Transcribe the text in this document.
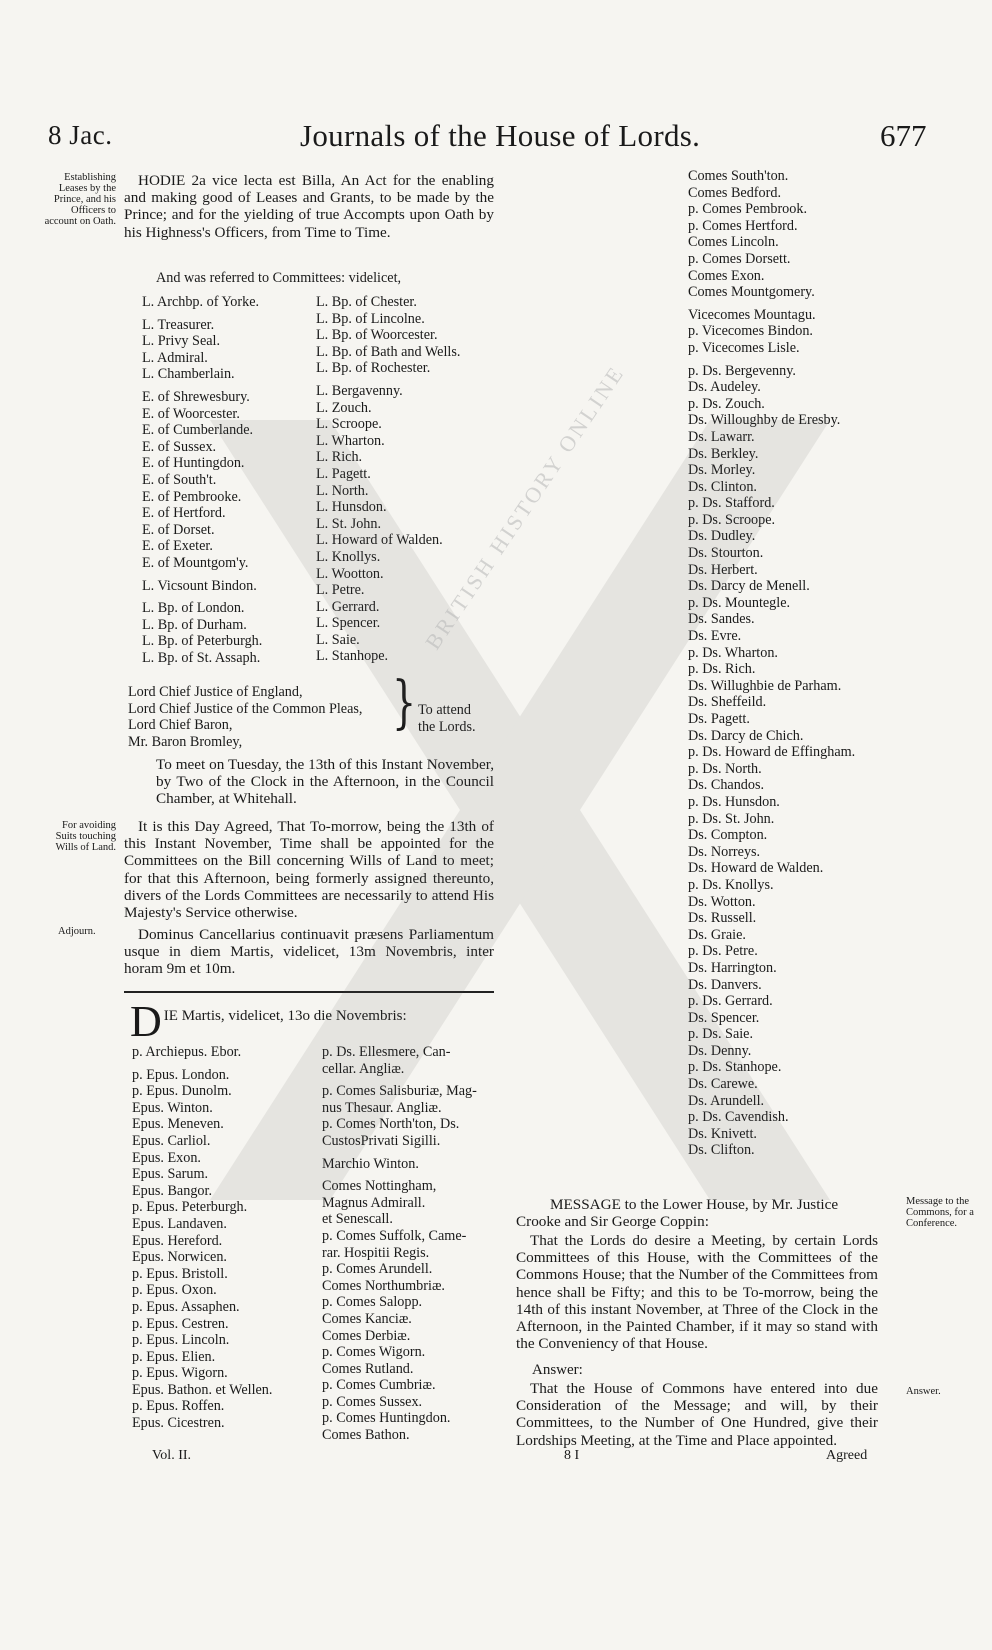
8 Jac.	Journals of the House of Lords.	677
Establishing Leases by the Prince, and his Officers to account on Oath.
For avoiding Suits touching Wills of Land.
Adjourn.
Message to the Commons, for a Conference.
Answer.
HODIE 2a vice lecta est Billa, An Act for the enabling and making good of Leases and Grants, to be made by the Prince; and for the yielding of true Accompts upon Oath by his Highness's Officers, from Time to Time.
And was referred to Committees: videlicet,
L. Archbp. of Yorke.
L. Treasurer.
L. Privy Seal.
L. Admiral.
L. Chamberlain.
E. of Shrewesbury.
E. of Woorcester.
E. of Cumberlande.
E. of Sussex.
E. of Huntingdon.
E. of South't.
E. of Pembrooke.
E. of Hertford.
E. of Dorset.
E. of Exeter.
E. of Mountgom'y.
L. Vicsount Bindon.
L. Bp. of London.
L. Bp. of Durham.
L. Bp. of Peterburgh.
L. Bp. of St. Assaph.
L. Bp. of Chester.
L. Bp. of Lincolne.
L. Bp. of Woorcester.
L. Bp. of Bath and Wells.
L. Bp. of Rochester.
L. Bergavenny.
L. Zouch.
L. Scroope.
L. Wharton.
L. Rich.
L. Pagett.
L. North.
L. Hunsdon.
L. St. John.
L. Howard of Walden.
L. Knollys.
L. Wootton.
L. Petre.
L. Gerrard.
L. Spencer.
L. Saie.
L. Stanhope.
Lord Chief Justice of England,
Lord Chief Justice of the Common Pleas,
Lord Chief Baron,
Mr. Baron Bromley,
} To attend
the Lords.
To meet on Tuesday, the 13th of this Instant November, by Two of the Clock in the Afternoon, in the Council Chamber, at Whitehall.
It is this Day Agreed, That To-morrow, being the 13th of this Instant November, Time shall be appointed for the Committees on the Bill concerning Wills of Land to meet; for that this Afternoon, being formerly assigned thereunto, divers of the Lords Committees are necessarily to attend His Majesty's Service otherwise.
Dominus Cancellarius continuavit præsens Parliamentum usque in diem Martis, videlicet, 13m Novembris, inter horam 9m et 10m.
D IE Martis, videlicet, 13o die Novembris:
p. Archiepus. Ebor.
p. Epus. London.
p. Epus. Dunolm.
Epus. Winton.
Epus. Meneven.
Epus. Carliol.
Epus. Exon.
Epus. Sarum.
Epus. Bangor.
p. Epus. Peterburgh.
Epus. Landaven.
Epus. Hereford.
Epus. Norwicen.
p. Epus. Bristoll.
p. Epus. Oxon.
p. Epus. Assaphen.
p. Epus. Cestren.
p. Epus. Lincoln.
p. Epus. Elien.
p. Epus. Wigorn.
Epus. Bathon. et Wellen.
p. Epus. Roffen.
Epus. Cicestren.
p. Ds. Ellesmere, Can-
cellar. Angliæ.
p. Comes Salisburiæ, Mag-
nus Thesaur. Angliæ.
p. Comes North'ton, Ds.
CustosPrivati Sigilli.
Marchio Winton.
Comes Nottingham,
Magnus Admirall.
et Senescall.
p. Comes Suffolk, Came-
rar. Hospitii Regis.
p. Comes Arundell.
Comes Northumbriæ.
p. Comes Salopp.
Comes Kanciæ.
Comes Derbiæ.
p. Comes Wigorn.
Comes Rutland.
p. Comes Cumbriæ.
p. Comes Sussex.
p. Comes Huntingdon.
Comes Bathon.
Comes South'ton.
Comes Bedford.
p. Comes Pembrook.
p. Comes Hertford.
Comes Lincoln.
p. Comes Dorsett.
Comes Exon.
Comes Mountgomery.
Vicecomes Mountagu.
p. Vicecomes Bindon.
p. Vicecomes Lisle.
p. Ds. Bergevenny.
Ds. Audeley.
p. Ds. Zouch.
Ds. Willoughby de Eresby.
Ds. Lawarr.
Ds. Berkley.
Ds. Morley.
Ds. Clinton.
p. Ds. Stafford.
p. Ds. Scroope.
Ds. Dudley.
Ds. Stourton.
Ds. Herbert.
Ds. Darcy de Menell.
p. Ds. Mountegle.
Ds. Sandes.
Ds. Evre.
p. Ds. Wharton.
p. Ds. Rich.
Ds. Willughbie de Parham.
Ds. Sheffeild.
Ds. Pagett.
Ds. Darcy de Chich.
p. Ds. Howard de Effingham.
p. Ds. North.
Ds. Chandos.
p. Ds. Hunsdon.
p. Ds. St. John.
Ds. Compton.
Ds. Norreys.
Ds. Howard de Walden.
p. Ds. Knollys.
Ds. Wotton.
Ds. Russell.
Ds. Graie.
p. Ds. Petre.
Ds. Harrington.
Ds. Danvers.
p. Ds. Gerrard.
Ds. Spencer.
p. Ds. Saie.
Ds. Denny.
p. Ds. Stanhope.
Ds. Carewe.
Ds. Arundell.
p. Ds. Cavendish.
Ds. Knivett.
Ds. Clifton.
MESSAGE to the Lower House, by Mr. Justice Crooke and Sir George Coppin:
That the Lords do desire a Meeting, by certain Lords Committees of this House, with the Committees of the Commons House; that the Number of the Committees from hence shall be Fifty; and this to be To-morrow, being the 14th of this instant November, at Three of the Clock in the Afternoon, in the Painted Chamber, if it may so stand with the Conveniency of that House.
Answer:
That the House of Commons have entered into due Consideration of the Message; and will, by their Committees, to the Number of One Hundred, give their Lordships Meeting, at the Time and Place appointed.
Vol. II.	8 I	Agreed
BRITISH HISTORY ONLINE
